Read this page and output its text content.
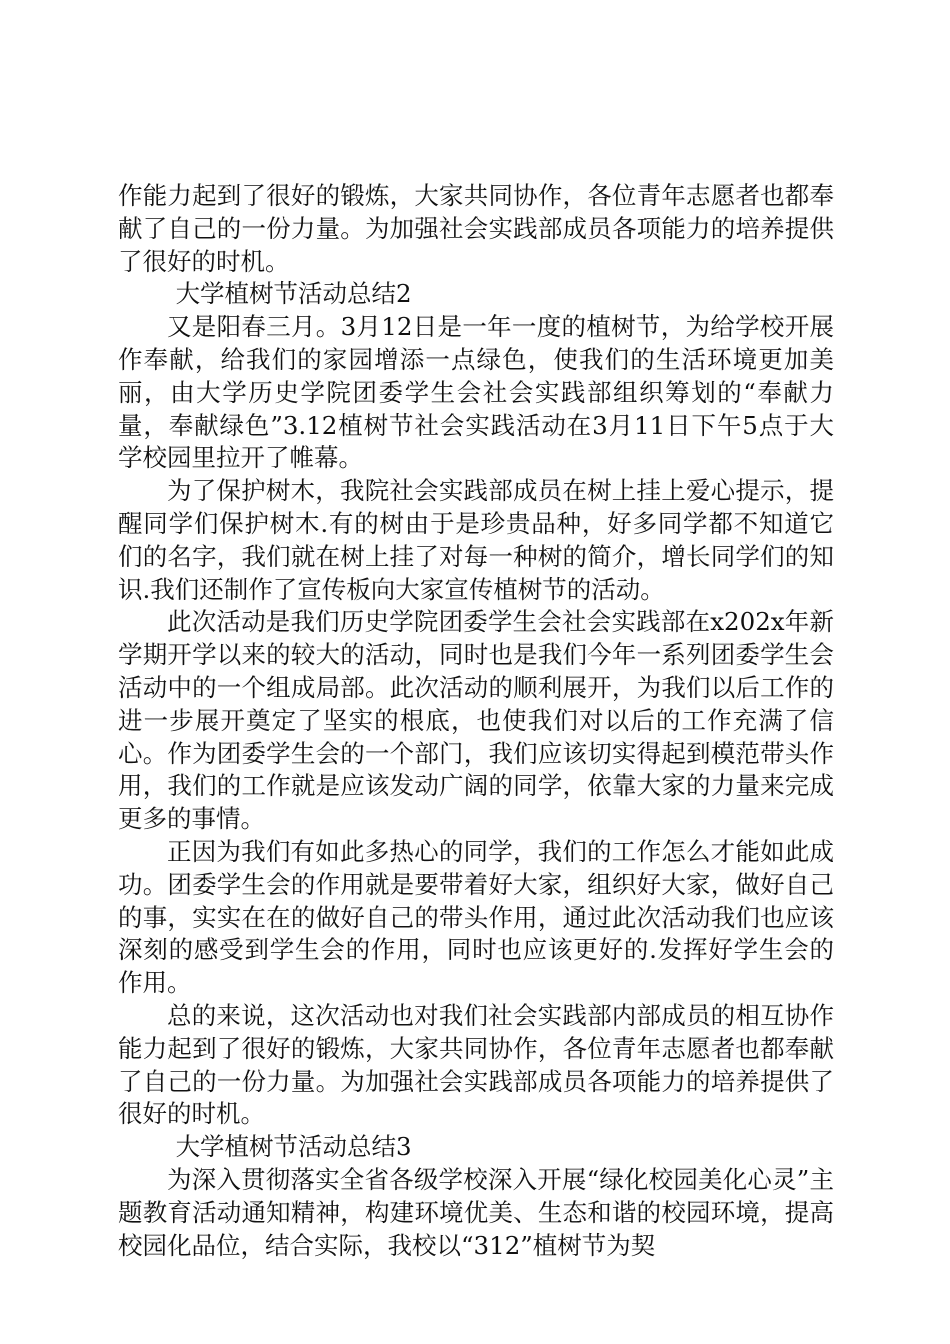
作能力起到了很好的锻炼，大家共同协作，各位青年志愿者也都奉献了自己的一份力量。为加强社会实践部成员各项能力的培养提供了很好的时机。

大学植树节活动总结2

又是阳春三月。3月12日是一年一度的植树节，为给学校开展作奉献，给我们的家园增添一点绿色，使我们的生活环境更加美丽，由大学历史学院团委学生会社会实践部组织筹划的“奉献力量，奉献绿色”3.12植树节社会实践活动在3月11日下午5点于大学校园里拉开了帷幕。

为了保护树木，我院社会实践部成员在树上挂上爱心提示，提醒同学们保护树木.有的树由于是珍贵品种，好多同学都不知道它们的名字，我们就在树上挂了对每一种树的简介，增长同学们的知识.我们还制作了宣传板向大家宣传植树节的活动。

此次活动是我们历史学院团委学生会社会实践部在x202x年新学期开学以来的较大的活动，同时也是我们今年一系列团委学生会活动中的一个组成局部。此次活动的顺利展开，为我们以后工作的进一步展开奠定了坚实的根底，也使我们对以后的工作充满了信心。作为团委学生会的一个部门，我们应该切实得起到模范带头作用，我们的工作就是应该发动广阔的同学，依靠大家的力量来完成更多的事情。

正因为我们有如此多热心的同学，我们的工作怎么才能如此成功。团委学生会的作用就是要带着好大家，组织好大家，做好自己的事，实实在在的做好自己的带头作用，通过此次活动我们也应该深刻的感受到学生会的作用，同时也应该更好的.发挥好学生会的作用。

总的来说，这次活动也对我们社会实践部内部成员的相互协作能力起到了很好的锻炼，大家共同协作，各位青年志愿者也都奉献了自己的一份力量。为加强社会实践部成员各项能力的培养提供了很好的时机。

大学植树节活动总结3

为深入贯彻落实全省各级学校深入开展“绿化校园美化心灵”主题教育活动通知精神，构建环境优美、生态和谐的校园环境，提高校园化品位，结合实际，我校以“312”植树节为契
